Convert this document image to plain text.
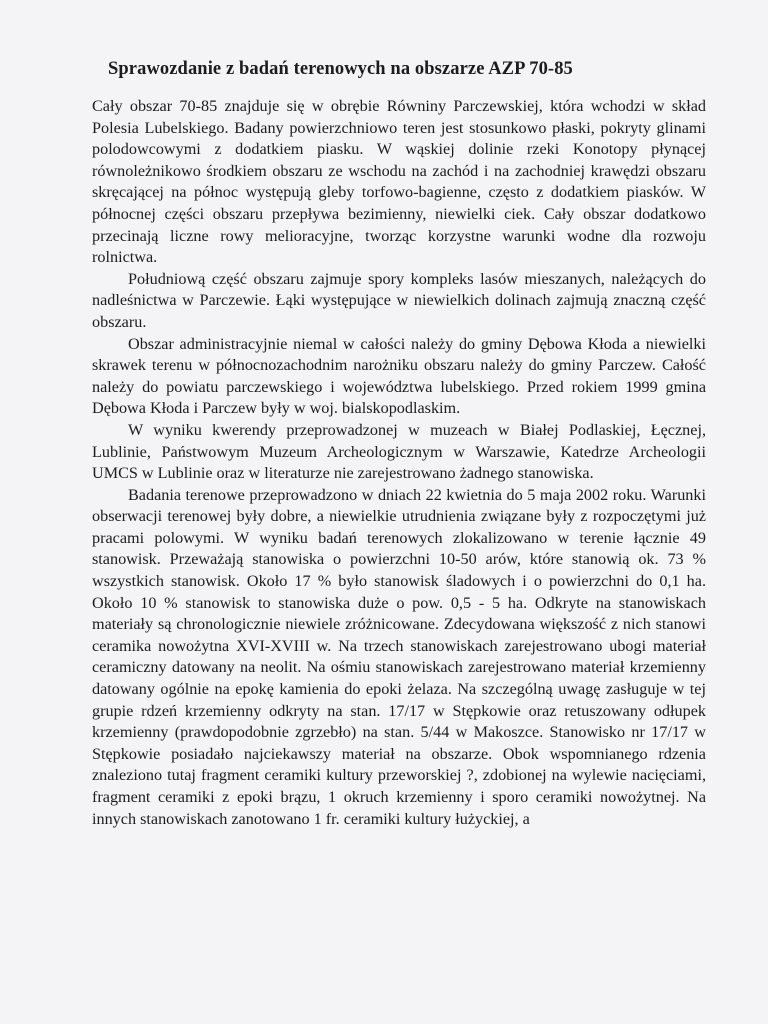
Sprawozdanie z badań terenowych na obszarze AZP 70-85

Cały obszar 70-85 znajduje się w obrębie Równiny Parczewskiej, która wchodzi w skład Polesia Lubelskiego. Badany powierzchniowo teren jest stosunkowo płaski, pokryty glinami polodowcowymi z dodatkiem piasku. W wąskiej dolinie rzeki Konotopy płynącej równoleżnikowo środkiem obszaru ze wschodu na zachód i na zachodniej krawędzi obszaru skręcającej na północ występują gleby torfowo-bagienne, często z dodatkiem piasków. W północnej części obszaru przepływa bezimienny, niewielki ciek. Cały obszar dodatkowo przecinają liczne rowy melioracyjne, tworząc korzystne warunki wodne dla rozwoju rolnictwa.

Południową część obszaru zajmuje spory kompleks lasów mieszanych, należących do nadleśnictwa w Parczewie. Łąki występujące w niewielkich dolinach zajmują znaczną część obszaru.

Obszar administracyjnie niemal w całości należy do gminy Dębowa Kłoda a niewielki skrawek terenu w północnozachodnim narożniku obszaru należy do gminy Parczew. Całość należy do powiatu parczewskiego i województwa lubelskiego. Przed rokiem 1999 gmina Dębowa Kłoda i Parczew były w woj. bialskopodlaskim.

W wyniku kwerendy przeprowadzonej w muzeach w Białej Podlaskiej, Łęcznej, Lublinie, Państwowym Muzeum Archeologicznym w Warszawie, Katedrze Archeologii UMCS w Lublinie oraz w literaturze nie zarejestrowano żadnego stanowiska.

Badania terenowe przeprowadzono w dniach 22 kwietnia do 5 maja 2002 roku. Warunki obserwacji terenowej były dobre, a niewielkie utrudnienia związane były z rozpoczętymi już pracami polowymi. W wyniku badań terenowych zlokalizowano w terenie łącznie 49 stanowisk. Przeważają stanowiska o powierzchni 10-50 arów, które stanowią ok. 73 % wszystkich stanowisk. Około 17 % było stanowisk śladowych i o powierzchni do 0,1 ha. Około 10 % stanowisk to stanowiska duże o pow. 0,5 - 5 ha. Odkryte na stanowiskach materiały są chronologicznie niewiele zróżnicowane. Zdecydowana większość z nich stanowi ceramika nowożytna XVI-XVIII w. Na trzech stanowiskach zarejestrowano ubogi materiał ceramiczny datowany na neolit. Na ośmiu stanowiskach zarejestrowano materiał krzemienny datowany ogólnie na epokę kamienia do epoki żelaza. Na szczególną uwagę zasługuje w tej grupie rdzeń krzemienny odkryty na stan. 17/17 w Stępkowie oraz retuszowany odłupek krzemienny (prawdopodobnie zgrzebło) na stan. 5/44 w Makoszce. Stanowisko nr 17/17 w Stępkowie posiadało najciekawszy materiał na obszarze. Obok wspomnianego rdzenia znaleziono tutaj fragment ceramiki kultury przeworskiej ?, zdobionej na wylewie nacięciami, fragment ceramiki z epoki brązu, 1 okruch krzemienny i sporo ceramiki nowożytnej. Na innych stanowiskach zanotowano 1 fr. ceramiki kultury łużyckiej, a
